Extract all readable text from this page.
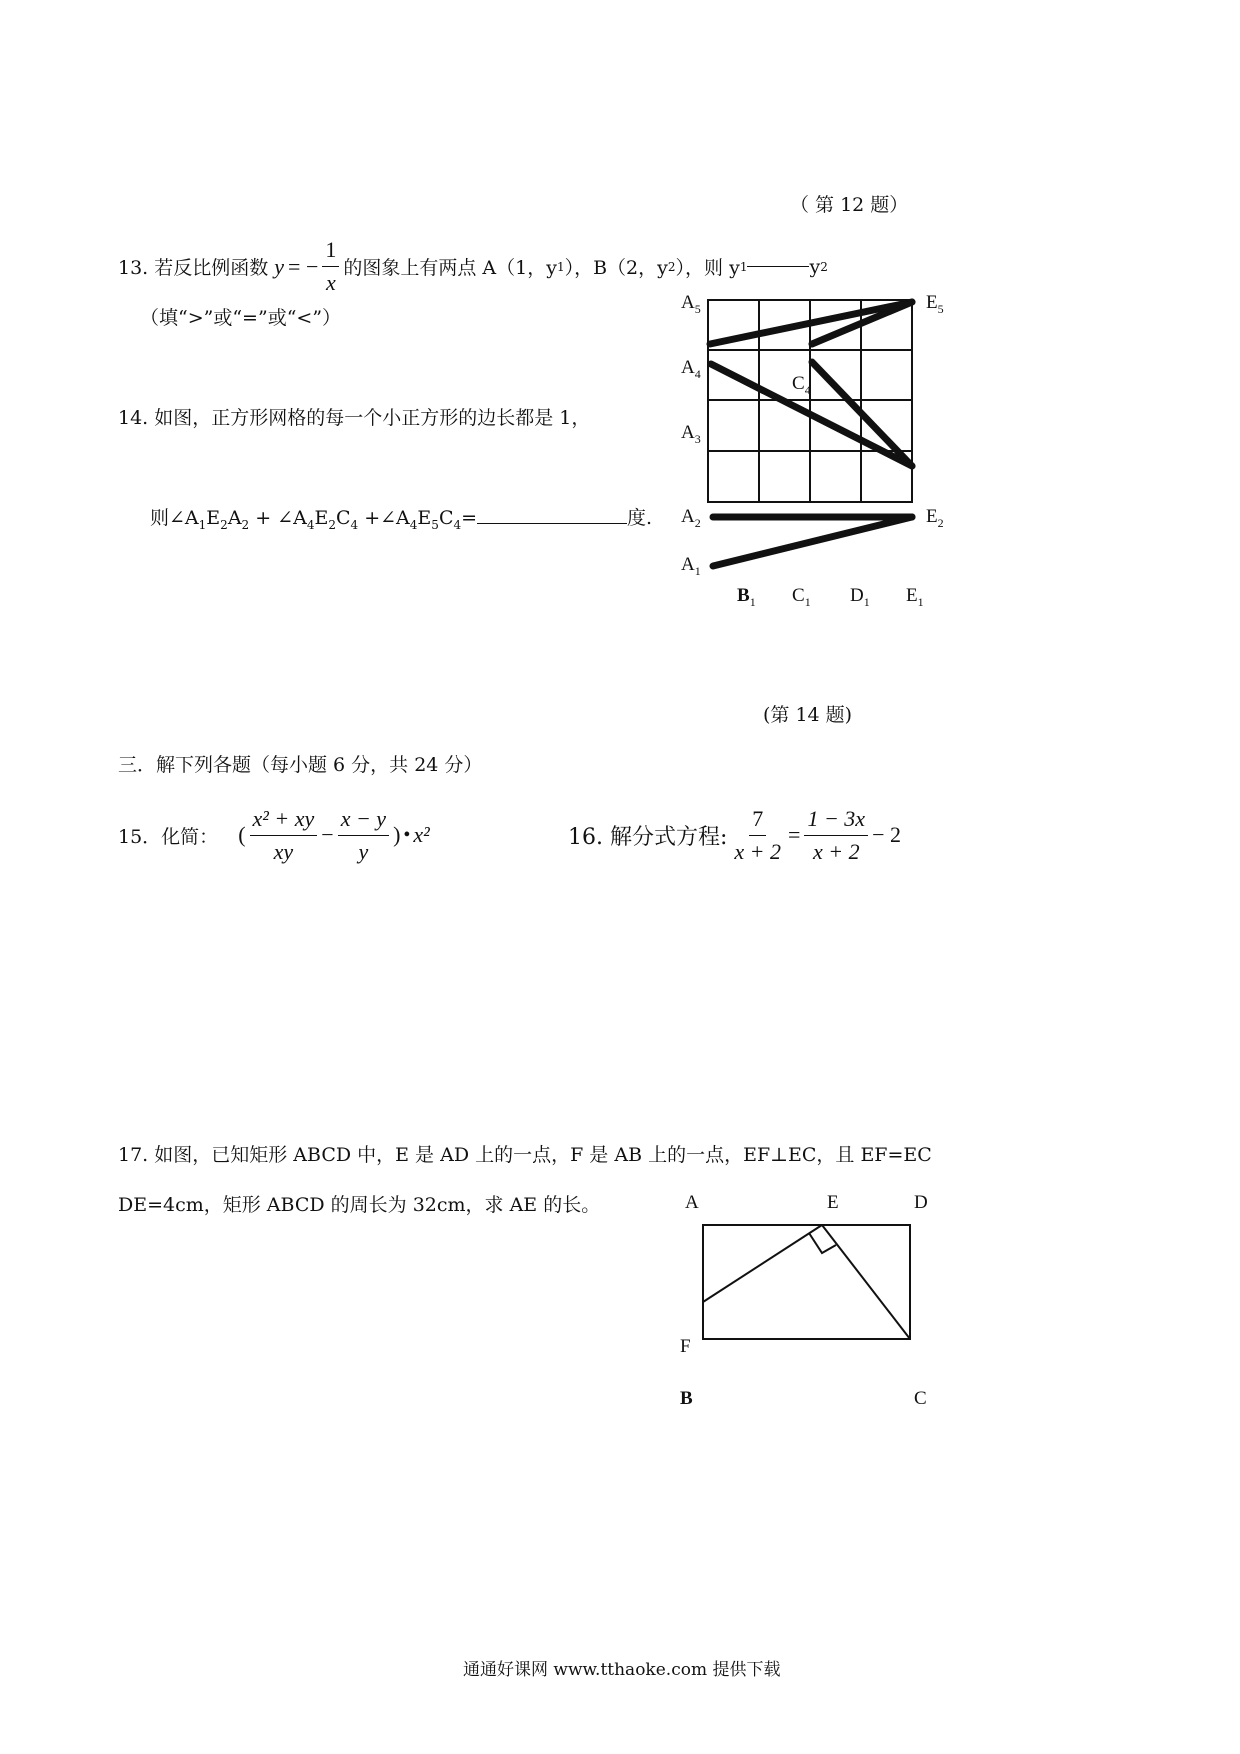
（ 第 12 题）
13. 若反比例函数 y = − $\frac{1}{x}$ 的图象上有两点 A（1，y 1 ），B（2，y 2 ），则 y 1	y 2
（填“>”或“=”或“<”）
14. 如图，正方形网格的每一个小正方形的边长都是 1，
则$\angle A_1E_2A_2$ + $\angle A_4E_2C_4$ $+\angle A_4E_5C_4=$	度.
$A_5$
$A_4$
$A_3$
$A_2$
$A_1$
$C_4$
$E_5$
$E_2$
$B_1$ $C_1$ $D_1$ $E_1$
(第 14 题)
三．解下列各题（每小题 6 分，共 24 分）
15．化简： ( $\frac{\text{x² + xy}}{xy} - \frac{x - y}{y}$ ) • x²	16. 解分式方程: $\frac{7}{x + 2} = \frac{1 - 3x}{x + 2} - 2$
17. 如图，已知矩形 ABCD 中，E 是 AD 上的一点，F 是 AB 上的一点，EF⊥EC，且 EF=EC
DE=4cm，矩形 ABCD 的周长为 32cm，求 AE 的长。	A	E	D
F
B	C
通通好课网 www.tthaoke.com 提供下载
